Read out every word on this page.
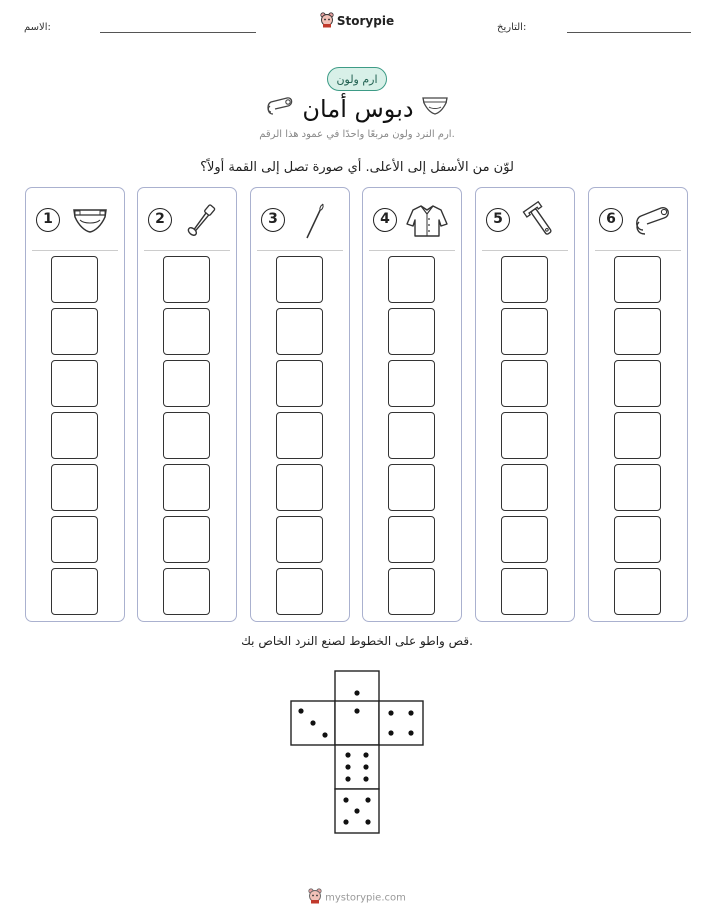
الاسم:	التاريخ:
Storypie
ارم ولون
دبوس أمان
ارم النرد ولون مربعًا واحدًا في عمود هذا الرقم.
لوّن من الأسفل إلى الأعلى. أي صورة تصل إلى القمة أولاً؟
1	2	3	4	5	6
قص واطو على الخطوط لصنع النرد الخاص بك.
mystorypie.com
